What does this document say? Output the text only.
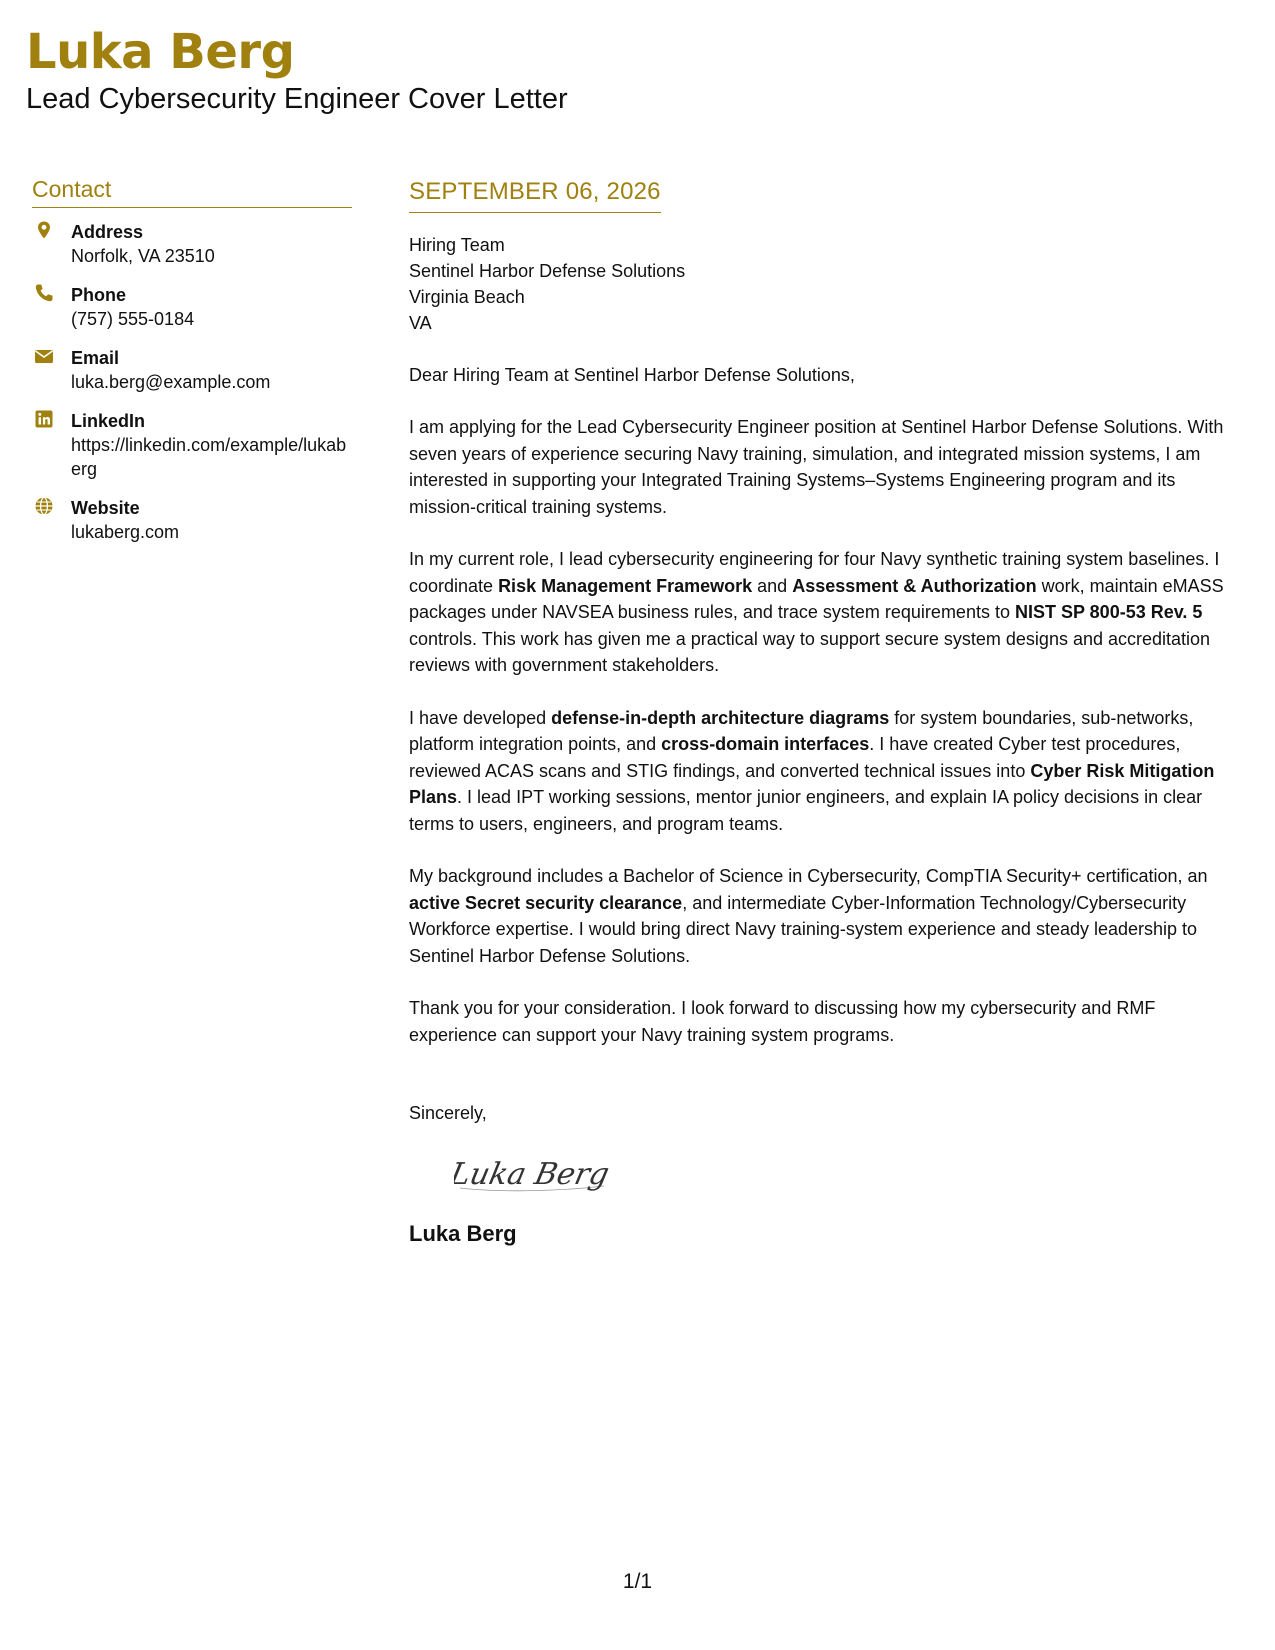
Luka Berg
Lead Cybersecurity Engineer Cover Letter
Contact
Address
Norfolk, VA 23510
Phone
(757) 555-0184
Email
luka.berg@example.com
LinkedIn
https://linkedin.com/example/lukaberg
Website
lukaberg.com
SEPTEMBER 06, 2026
Hiring Team
Sentinel Harbor Defense Solutions
Virginia Beach
VA
Dear Hiring Team at Sentinel Harbor Defense Solutions,
I am applying for the Lead Cybersecurity Engineer position at Sentinel Harbor Defense Solutions. With seven years of experience securing Navy training, simulation, and integrated mission systems, I am interested in supporting your Integrated Training Systems–Systems Engineering program and its mission-critical training systems.
In my current role, I lead cybersecurity engineering for four Navy synthetic training system baselines. I coordinate Risk Management Framework and Assessment & Authorization work, maintain eMASS packages under NAVSEA business rules, and trace system requirements to NIST SP 800-53 Rev. 5 controls. This work has given me a practical way to support secure system designs and accreditation reviews with government stakeholders.
I have developed defense-in-depth architecture diagrams for system boundaries, sub-networks, platform integration points, and cross-domain interfaces. I have created Cyber test procedures, reviewed ACAS scans and STIG findings, and converted technical issues into Cyber Risk Mitigation Plans. I lead IPT working sessions, mentor junior engineers, and explain IA policy decisions in clear terms to users, engineers, and program teams.
My background includes a Bachelor of Science in Cybersecurity, CompTIA Security+ certification, an active Secret security clearance, and intermediate Cyber-Information Technology/Cybersecurity Workforce expertise. I would bring direct Navy training-system experience and steady leadership to Sentinel Harbor Defense Solutions.
Thank you for your consideration. I look forward to discussing how my cybersecurity and RMF experience can support your Navy training system programs.
Sincerely,
Luka Berg
Luka Berg
1/1
